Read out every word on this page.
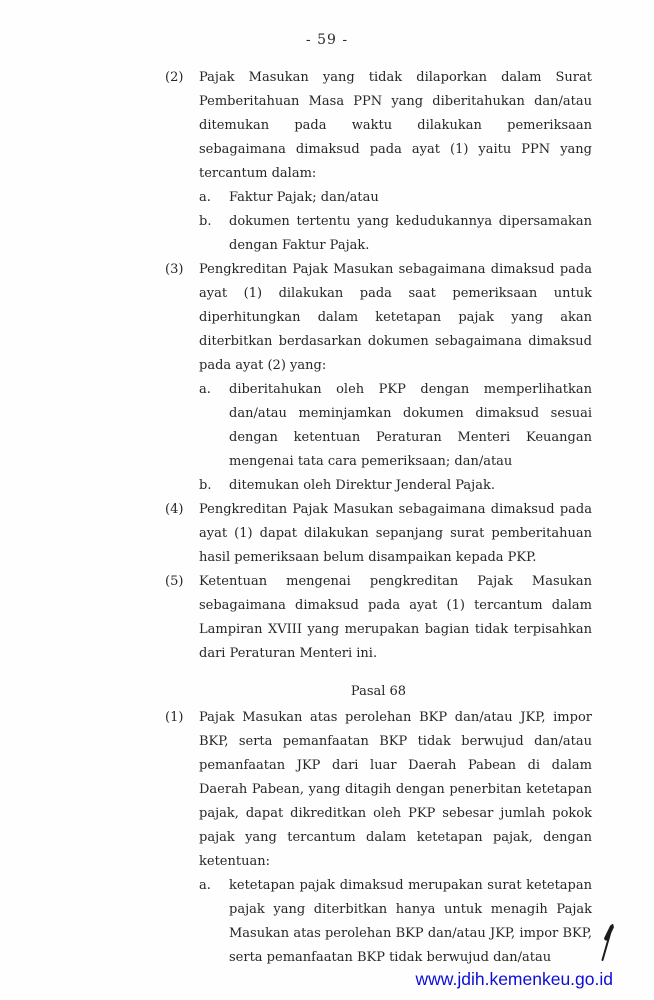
- 59 -
(2)	Pajak Masukan yang tidak dilaporkan dalam Surat Pemberitahuan Masa PPN yang diberitahukan dan/atau ditemukan pada waktu dilakukan pemeriksaan sebagaimana dimaksud pada ayat (1) yaitu PPN yang tercantum dalam:

a.	Faktur Pajak; dan/atau

b.	dokumen tertentu yang kedudukannya dipersamakan dengan Faktur Pajak.

(3)	Pengkreditan Pajak Masukan sebagaimana dimaksud pada ayat (1) dilakukan pada saat pemeriksaan untuk diperhitungkan dalam ketetapan pajak yang akan diterbitkan berdasarkan dokumen sebagaimana dimaksud pada ayat (2) yang:

a.	diberitahukan oleh PKP dengan memperlihatkan dan/atau meminjamkan dokumen dimaksud sesuai dengan ketentuan Peraturan Menteri Keuangan mengenai tata cara pemeriksaan; dan/atau

b.	ditemukan oleh Direktur Jenderal Pajak.

(4)	Pengkreditan Pajak Masukan sebagaimana dimaksud pada ayat (1) dapat dilakukan sepanjang surat pemberitahuan hasil pemeriksaan belum disampaikan kepada PKP.

(5)	Ketentuan mengenai pengkreditan Pajak Masukan sebagaimana dimaksud pada ayat (1) tercantum dalam Lampiran XVIII yang merupakan bagian tidak terpisahkan dari Peraturan Menteri ini.

Pasal 68
(1)	Pajak Masukan atas perolehan BKP dan/atau JKP, impor BKP, serta pemanfaatan BKP tidak berwujud dan/atau pemanfaatan JKP dari luar Daerah Pabean di dalam Daerah Pabean, yang ditagih dengan penerbitan ketetapan pajak, dapat dikreditkan oleh PKP sebesar jumlah pokok pajak yang tercantum dalam ketetapan pajak, dengan ketentuan:

a.	ketetapan pajak dimaksud merupakan surat ketetapan pajak yang diterbitkan hanya untuk menagih Pajak Masukan atas perolehan BKP dan/atau JKP, impor BKP, serta pemanfaatan BKP tidak berwujud dan/atau

www.jdih.kemenkeu.go.id
